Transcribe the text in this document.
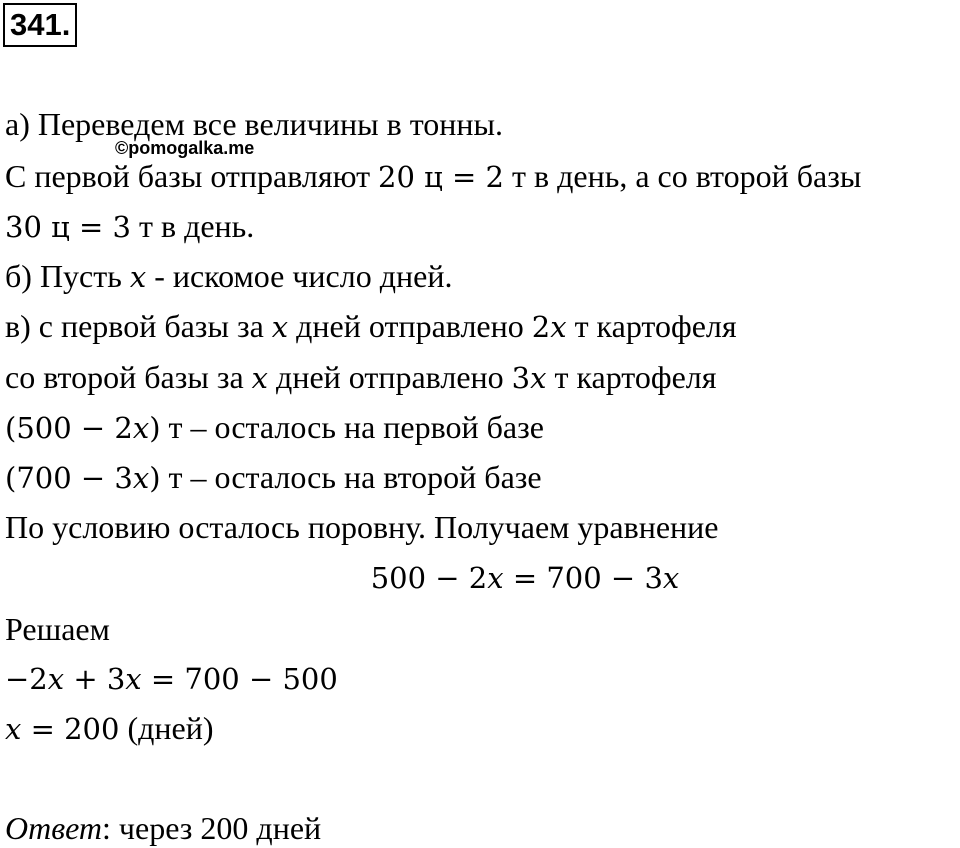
341.
а) Переведем все величины в тонны.
©pomogalka.me
С первой базы отправляют 20 ц = 2 т в день, а со второй базы
30 ц = 3 т в день.
б) Пусть x - искомое число дней.
в) с первой базы за x дней отправлено 2x т картофеля
со второй базы за x дней отправлено 3x т картофеля
(500 − 2x) т – осталось на первой базе
(700 − 3x) т – осталось на второй базе
По условию осталось поровну. Получаем уравнение
500 − 2x = 700 − 3x
Решаем
−2x + 3x = 700 − 500
x = 200 (дней)
Ответ: через 200 дней
